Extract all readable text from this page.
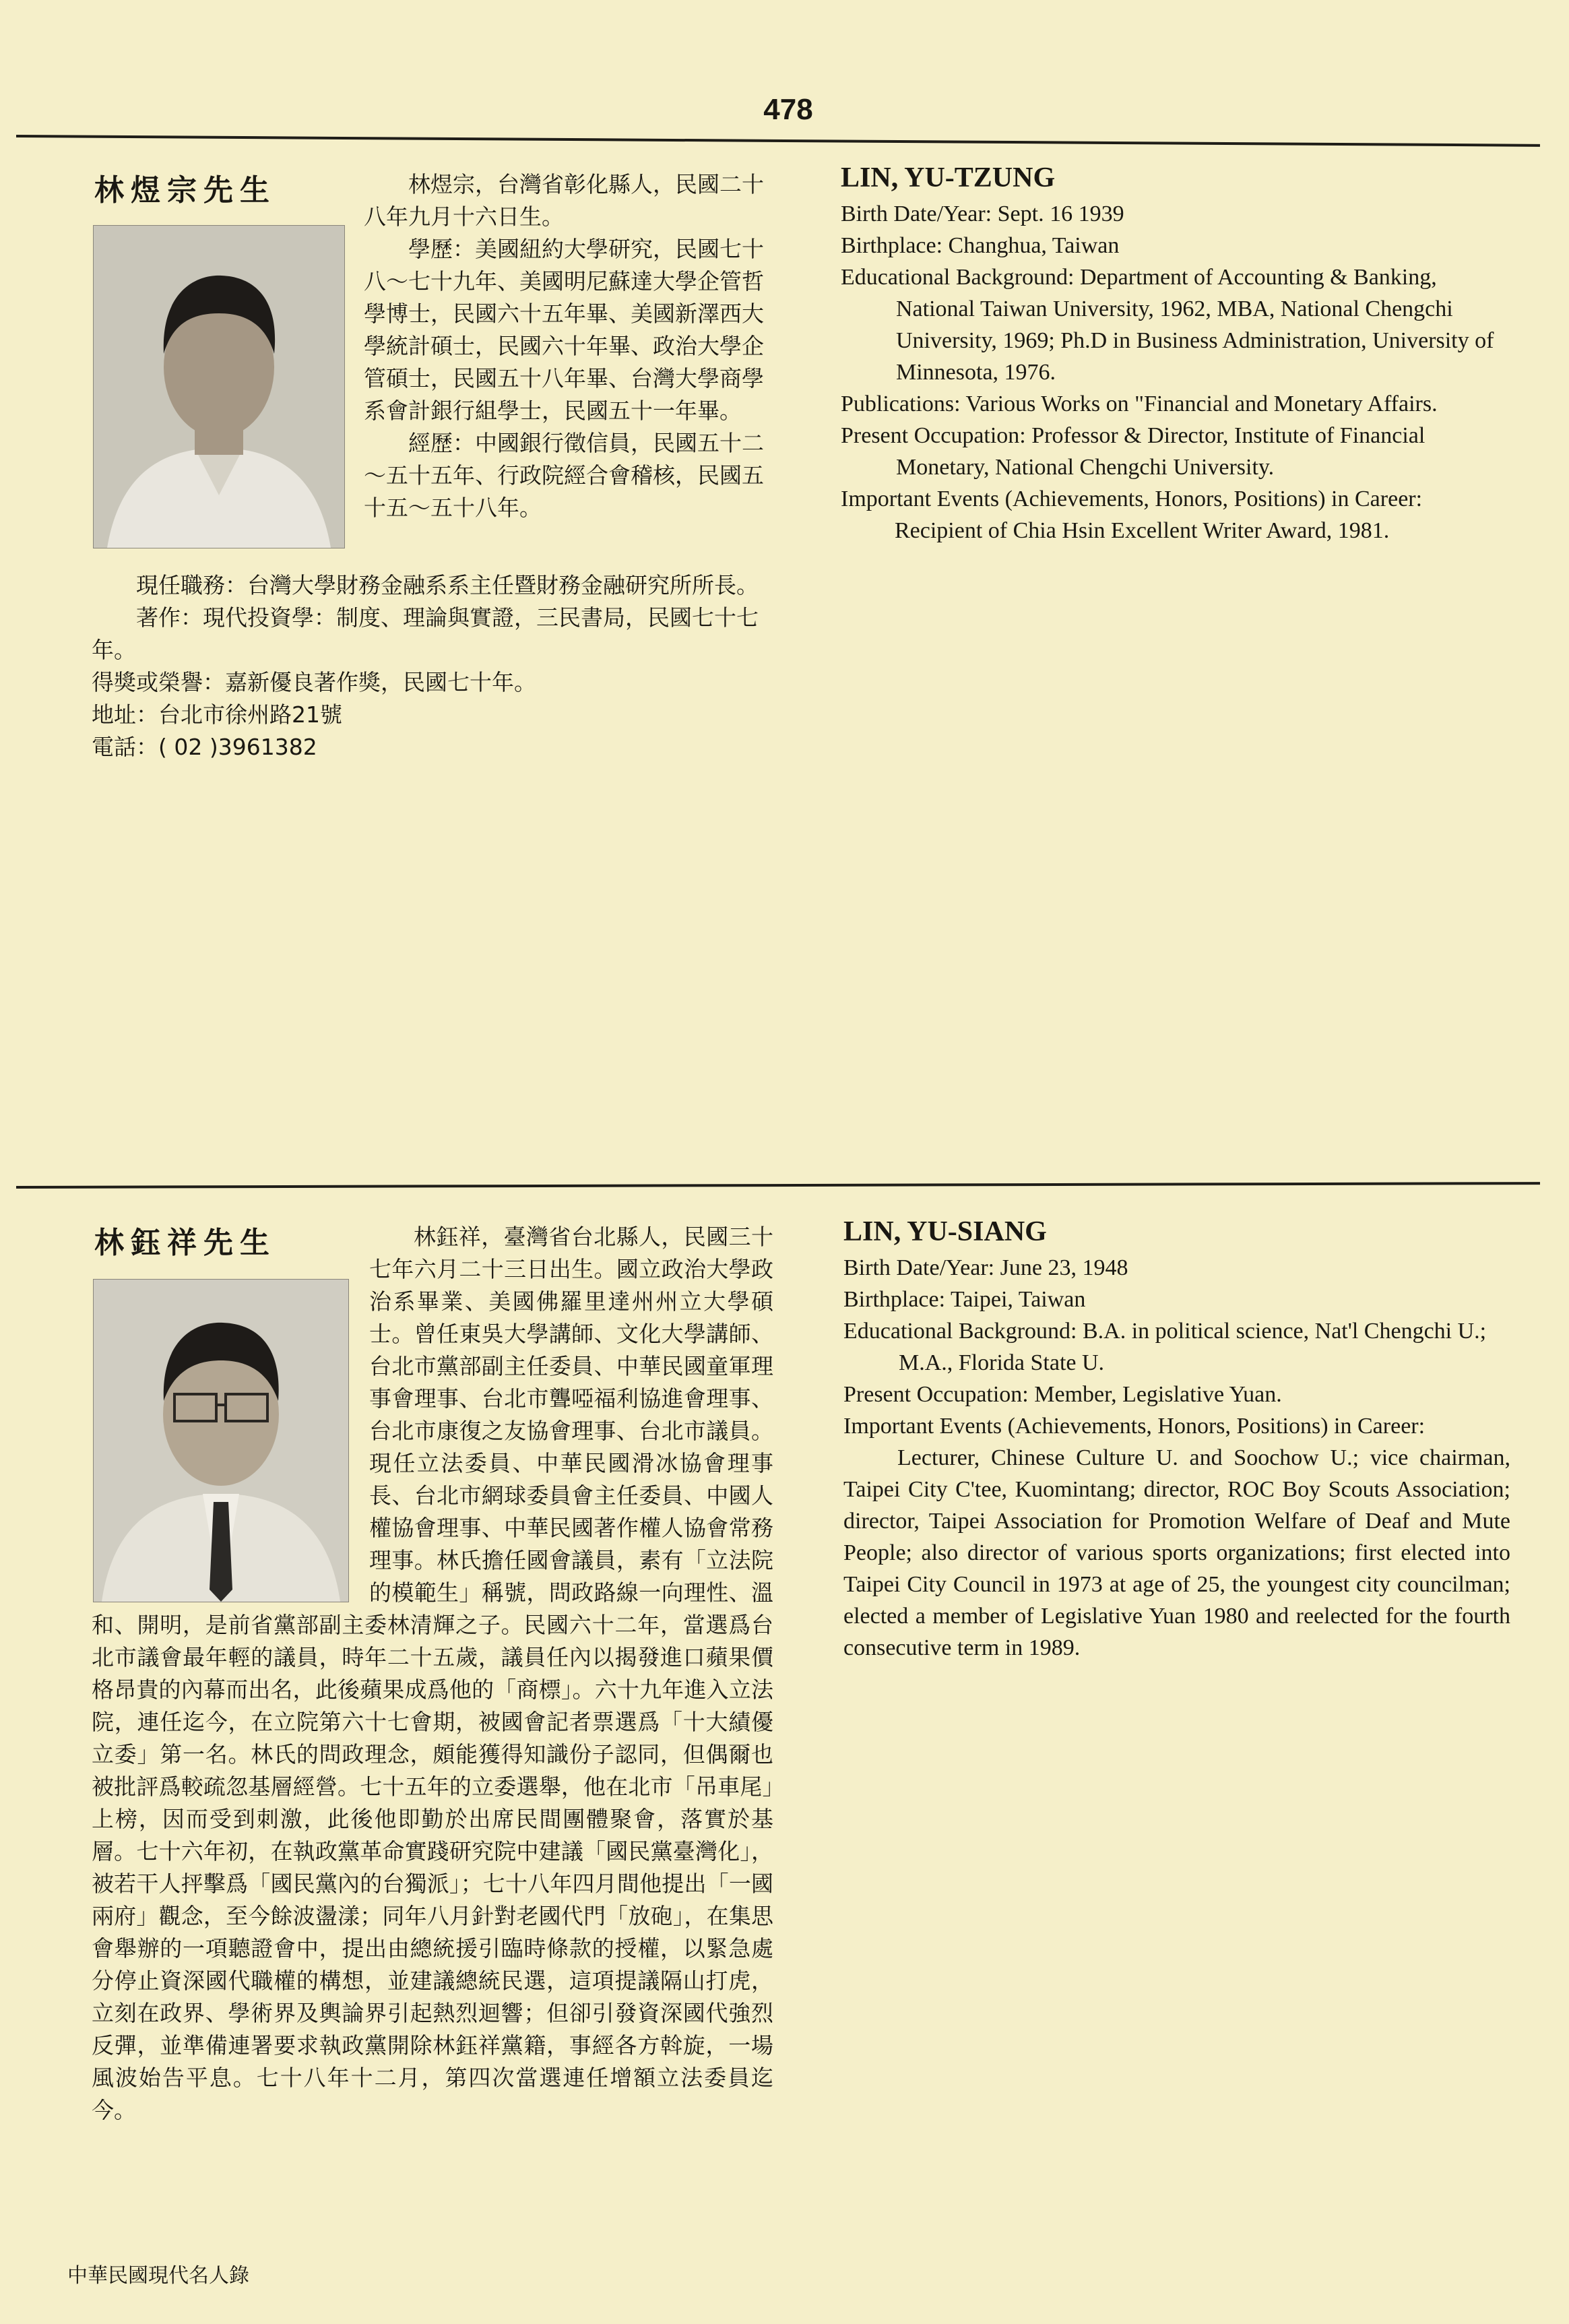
478
林煜宗先生	林煜宗，台灣省彰化縣人，民國二十八年九月十六日生。

學歷：美國紐約大學研究，民國七十八～七十九年、美國明尼蘇達大學企管哲學博士，民國六十五年畢、美國新澤西大學統計碩士，民國六十年畢、政治大學企管碩士，民國五十八年畢、台灣大學商學系會計銀行組學士，民國五十一年畢。

經歷：中國銀行徵信員，民國五十二～五十五年、行政院經合會稽核，民國五十五～五十八年。

現任職務：台灣大學財務金融系系主任暨財務金融研究所所長。

著作：現代投資學：制度、理論與實證，三民書局，民國七十七年。

得獎或榮譽：嘉新優良著作獎，民國七十年。

地址：台北市徐州路21號

電話：( 02 )3961382

LIN, YU-TZUNG

Birth Date/Year: Sept. 16 1939

Birthplace: Changhua, Taiwan

Educational Background: Department of Accounting & Banking, National Taiwan University, 1962, MBA, National Chengchi University, 1969; Ph.D in Business Administration, University of Minnesota, 1976.

Publications: Various Works on "Financial and Monetary Affairs.

Present Occupation: Professor & Director, Institute of Financial Monetary, National Chengchi University.

Important Events (Achievements, Honors, Positions) in Career:

Recipient of Chia Hsin Excellent Writer Award, 1981.

林鈺祥先生	林鈺祥，臺灣省台北縣人，民國三十七年六月二十三日出生。國立政治大學政治系畢業、美國佛羅里達州州立大學碩士。曾任東吳大學講師、文化大學講師、台北市黨部副主任委員、中華民國童軍理事會理事、台北市聾啞福利協進會理事、台北市康復之友協會理事、台北市議員。現任立法委員、中華民國滑冰協會理事長、台北市網球委員會主任委員、中國人權協會理事、中華民國著作權人協會常務理事。林氏擔任國會議員，素有「立法院的模範生」稱號，問政路線一向理性、溫和、開明，是前省黨部副主委林清輝之子。民國六十二年，當選爲台北市議會最年輕的議員，時年二十五歲，議員任內以揭發進口蘋果價格昂貴的內幕而出名，此後蘋果成爲他的「商標」。六十九年進入立法院，連任迄今，在立院第六十七會期，被國會記者票選爲「十大績優立委」第一名。林氏的問政理念，頗能獲得知識份子認同，但偶爾也被批評爲較疏忽基層經營。七十五年的立委選舉，他在北市「吊車尾」上榜，因而受到刺激，此後他即勤於出席民間團體聚會，落實於基層。七十六年初，在執政黨革命實踐研究院中建議「國民黨臺灣化」，被若干人抨擊爲「國民黨內的台獨派」；七十八年四月間他提出「一國兩府」觀念，至今餘波盪漾；同年八月針對老國代門「放砲」，在集思會舉辦的一項聽證會中，提出由總統援引臨時條款的授權，以緊急處分停止資深國代職權的構想，並建議總統民選，這項提議隔山打虎，立刻在政界、學術界及輿論界引起熱烈迴響；但卻引發資深國代強烈反彈，並準備連署要求執政黨開除林鈺祥黨籍，事經各方斡旋，一場風波始告平息。七十八年十二月，第四次當選連任增額立法委員迄今。

LIN, YU-SIANG

Birth Date/Year: June 23, 1948

Birthplace: Taipei, Taiwan

Educational Background: B.A. in political science, Nat'l Chengchi U.; M.A., Florida State U.

Present Occupation: Member, Legislative Yuan.

Important Events (Achievements, Honors, Positions) in Career:

Lecturer, Chinese Culture U. and Soochow U.; vice chairman, Taipei City C'tee, Kuomintang; director, ROC Boy Scouts Association; director, Taipei Association for Promotion Welfare of Deaf and Mute People; also director of various sports organizations; first elected into Taipei City Council in 1973 at age of 25, the youngest city councilman; elected a member of Legislative Yuan 1980 and reelected for the fourth consecutive term in 1989.

中華民國現代名人錄
